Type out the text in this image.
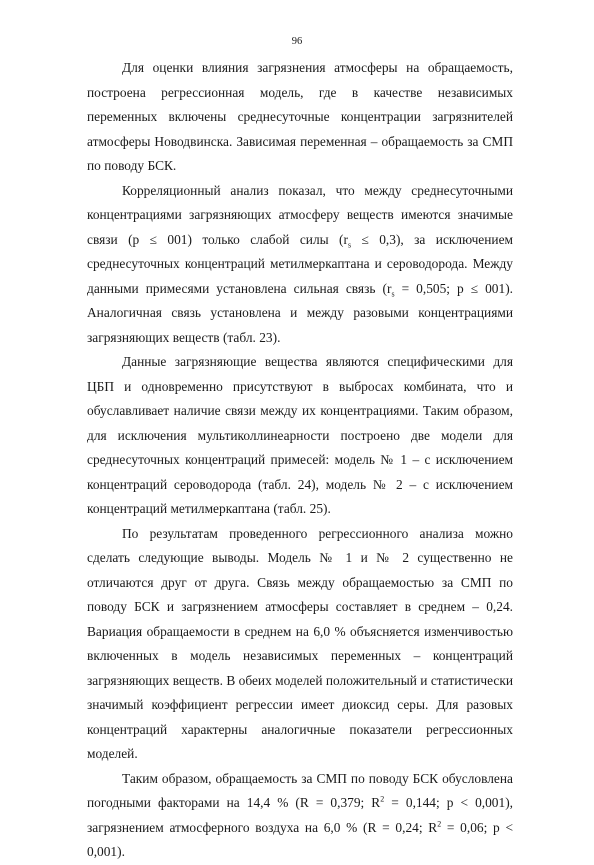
96

Для оценки влияния загрязнения атмосферы на обращаемость, построена регрессионная модель, где в качестве независимых переменных включены среднесуточные концентрации загрязнителей атмосферы Новодвинска. Зависимая переменная – обращаемость за СМП по поводу БСК.

Корреляционный анализ показал, что между среднесуточными концентрациями загрязняющих атмосферу веществ имеются значимые связи (p ≤ 001) только слабой силы $(r_s \le 0,3)$, за исключением среднесуточных концентраций метилмеркаптана и сероводорода. Между данными примесями установлена сильная связь ($r_s = 0,505$; p ≤ 001). Аналогичная связь установлена и между разовыми концентрациями загрязняющих веществ (табл. 23).

Данные загрязняющие вещества являются специфическими для ЦБП и одновременно присутствуют в выбросах комбината, что и обуславливает наличие связи между их концентрациями. Таким образом, для исключения мультиколлинеарности построено две модели для среднесуточных концентраций примесей: модель № 1 – с исключением концентраций сероводорода (табл. 24), модель № 2 – с исключением концентраций метилмеркаптана (табл. 25).

По результатам проведенного регрессионного анализа можно сделать следующие выводы. Модель № 1 и № 2 существенно не отличаются друг от друга. Связь между обращаемостью за СМП по поводу БСК и загрязнением атмосферы составляет в среднем – 0,24. Вариация обращаемости в среднем на 6,0 % объясняется изменчивостью включенных в модель независимых переменных – концентраций загрязняющих веществ. В обеих моделей положительный и статистически значимый коэффициент регрессии имеет диоксид серы. Для разовых концентраций характерны аналогичные показатели регрессионных моделей.

Таким образом, обращаемость за СМП по поводу БСК обусловлена погодными факторами на 14,4 % (R = 0,379; $R^2 = 0,144$; p < 0,001), загрязнением атмосферного воздуха на 6,0 % (R = 0,24; $R^2 = 0,06$; p < 0,001).
